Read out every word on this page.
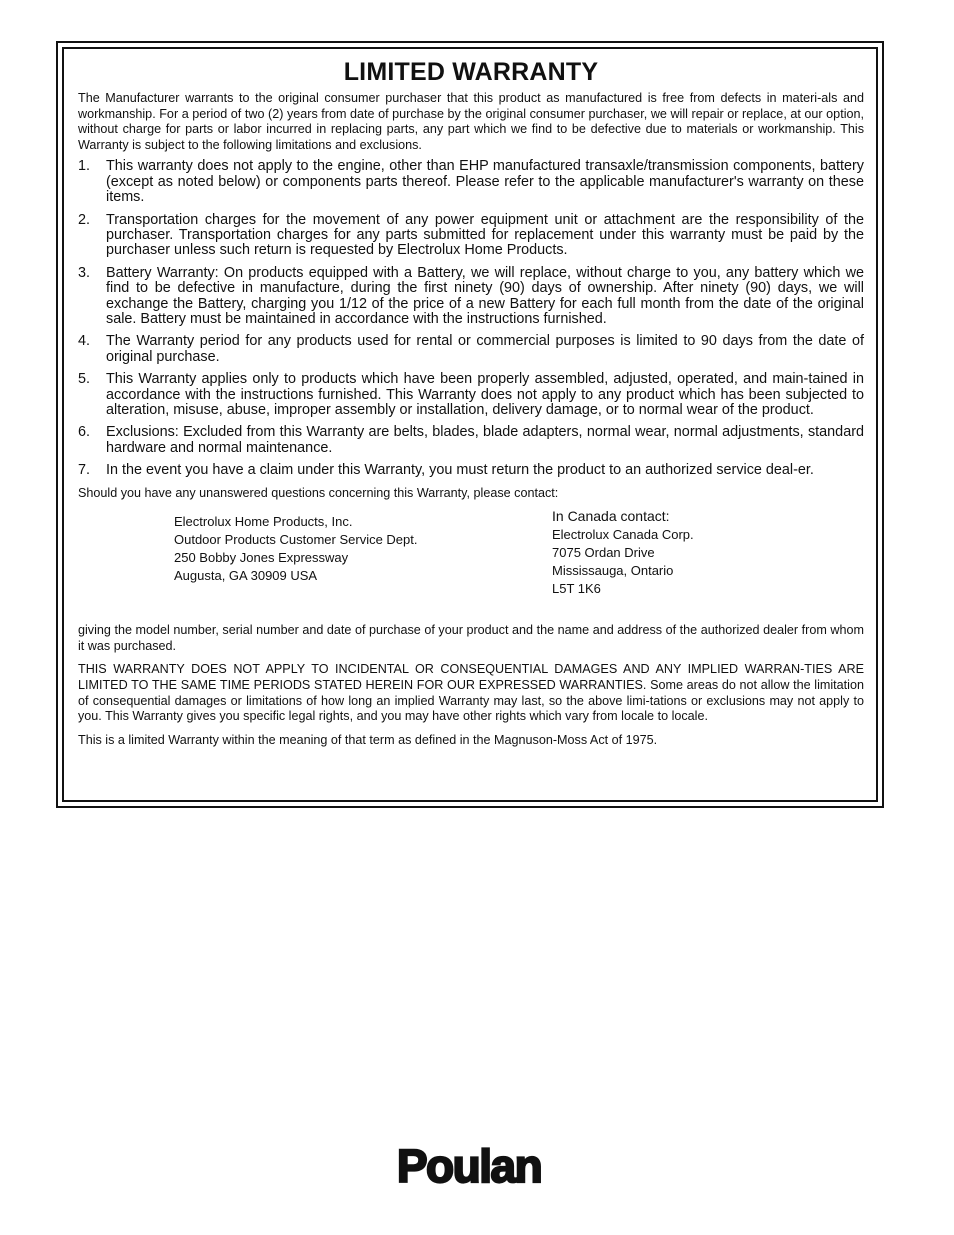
LIMITED WARRANTY

The Manufacturer warrants to the original consumer purchaser that this product as manufactured is free from defects in materi-als and workmanship. For a period of two (2) years from date of purchase by the original consumer purchaser, we will repair or replace, at our option, without charge for parts or labor incurred in replacing parts, any part which we find to be defective due to materials or workmanship. This Warranty is subject to the following limitations and exclusions.

1. This warranty does not apply to the engine, other than EHP manufactured transaxle/transmission components, battery (except as noted below) or components parts thereof. Please refer to the applicable manufacturer's warranty on these items.
2. Transportation charges for the movement of any power equipment unit or attachment are the responsibility of the purchaser. Transportation charges for any parts submitted for replacement under this warranty must be paid by the purchaser unless such return is requested by Electrolux Home Products.
3. Battery Warranty: On products equipped with a Battery, we will replace, without charge to you, any battery which we find to be defective in manufacture, during the first ninety (90) days of ownership. After ninety (90) days, we will exchange the Battery, charging you 1/12 of the price of a new Battery for each full month from the date of the original sale. Battery must be maintained in accordance with the instructions furnished.
4. The Warranty period for any products used for rental or commercial purposes is limited to 90 days from the date of original purchase.
5. This Warranty applies only to products which have been properly assembled, adjusted, operated, and main-tained in accordance with the instructions furnished. This Warranty does not apply to any product which has been subjected to alteration, misuse, abuse, improper assembly or installation, delivery damage, or to normal wear of the product.
6. Exclusions: Excluded from this Warranty are belts, blades, blade adapters, normal wear, normal adjustments, standard hardware and normal maintenance.
7. In the event you have a claim under this Warranty, you must return the product to an authorized service deal-er.

Should you have any unanswered questions concerning this Warranty, please contact:

Electrolux Home Products, Inc.
Outdoor Products Customer Service Dept.
250 Bobby Jones Expressway
Augusta, GA 30909 USA
In Canada contact:
Electrolux Canada Corp.
7075 Ordan Drive
Mississauga, Ontario
L5T 1K6

giving the model number, serial number and date of purchase of your product and the name and address of the authorized dealer from whom it was purchased.

THIS WARRANTY DOES NOT APPLY TO INCIDENTAL OR CONSEQUENTIAL DAMAGES AND ANY IMPLIED WARRAN-TIES ARE LIMITED TO THE SAME TIME PERIODS STATED HEREIN FOR OUR EXPRESSED WARRANTIES. Some areas do not allow the limitation of consequential damages or limitations of how long an implied Warranty may last, so the above limi-tations or exclusions may not apply to you. This Warranty gives you specific legal rights, and you may have other rights which vary from locale to locale.

This is a limited Warranty within the meaning of that term as defined in the Magnuson-Moss Act of 1975.

Poulan
